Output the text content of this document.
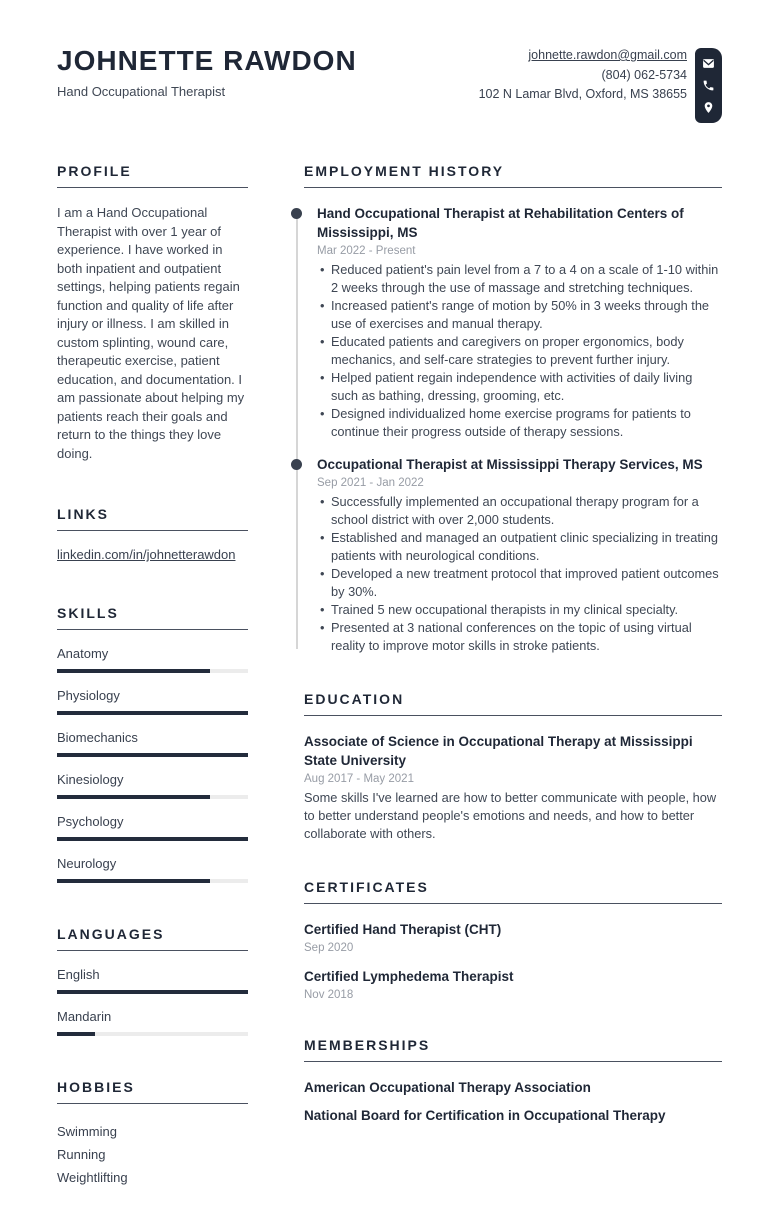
JOHNETTE RAWDON
Hand Occupational Therapist
johnette.rawdon@gmail.com
(804) 062-5734
102 N Lamar Blvd, Oxford, MS 38655
PROFILE

I am a Hand Occupational Therapist with over 1 year of experience. I have worked in both inpatient and outpatient settings, helping patients regain function and quality of life after injury or illness. I am skilled in custom splinting, wound care, therapeutic exercise, patient education, and documentation. I am passionate about helping my patients reach their goals and return to the things they love doing.

LINKS
linkedin.com/in/johnetterawdon
SKILLS
Anatomy
Physiology
Biomechanics
Kinesiology
Psychology
Neurology
LANGUAGES
English
Mandarin
HOBBIES
Swimming
Running
Weightlifting
EMPLOYMENT HISTORY
Hand Occupational Therapist at Rehabilitation Centers of Mississippi, MS
Mar 2022 - Present
• Reduced patient's pain level from a 7 to a 4 on a scale of 1-10 within 2 weeks through the use of massage and stretching techniques.
• Increased patient's range of motion by 50% in 3 weeks through the use of exercises and manual therapy.
• Educated patients and caregivers on proper ergonomics, body mechanics, and self-care strategies to prevent further injury.
• Helped patient regain independence with activities of daily living such as bathing, dressing, grooming, etc.
• Designed individualized home exercise programs for patients to continue their progress outside of therapy sessions.
Occupational Therapist at Mississippi Therapy Services, MS
Sep 2021 - Jan 2022
• Successfully implemented an occupational therapy program for a school district with over 2,000 students.
• Established and managed an outpatient clinic specializing in treating patients with neurological conditions.
• Developed a new treatment protocol that improved patient outcomes by 30%.
• Trained 5 new occupational therapists in my clinical specialty.
• Presented at 3 national conferences on the topic of using virtual reality to improve motor skills in stroke patients.
EDUCATION
Associate of Science in Occupational Therapy at Mississippi State University
Aug 2017 - May 2021

Some skills I've learned are how to better communicate with people, how to better understand people's emotions and needs, and how to better collaborate with others.

CERTIFICATES
Certified Hand Therapist (CHT)
Sep 2020
Certified Lymphedema Therapist
Nov 2018
MEMBERSHIPS
American Occupational Therapy Association
National Board for Certification in Occupational Therapy
